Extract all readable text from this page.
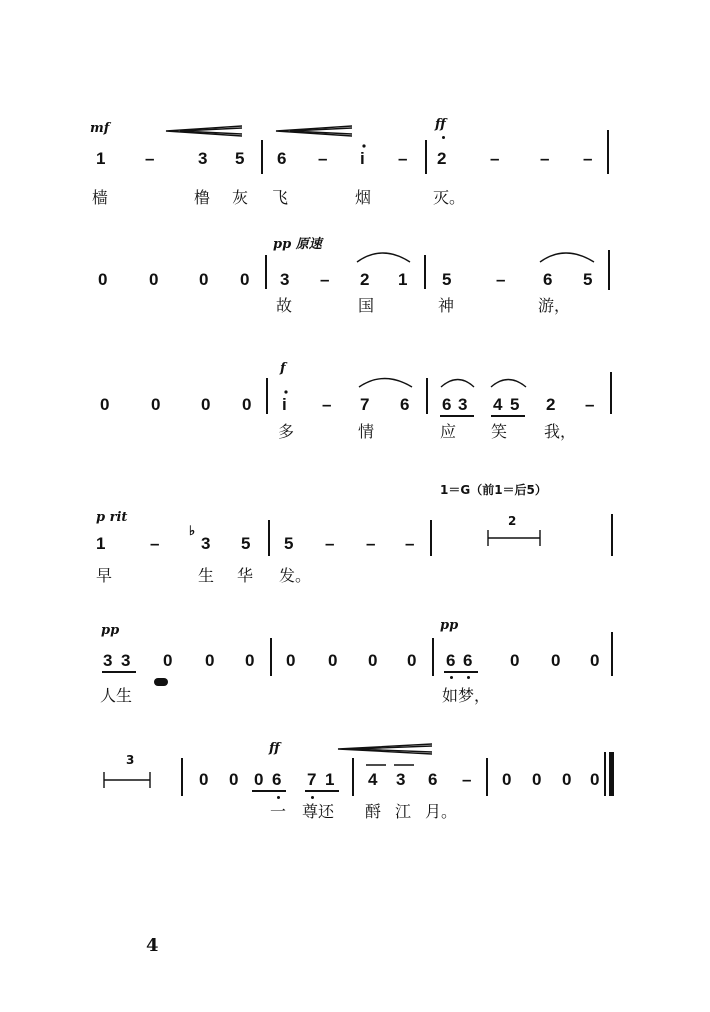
mf	ff
1 –	3 5 6 – i – 2	– – –
樯	橹 灰 飞	烟	灭。
pp 原速
0 0 0 0 3 – 2 1 5	– 6 5
故	国	神	游，
f
0 0 0 0 i – 7 6 6 3 4 5 2 –
多	情	应 笑 我，
1＝G（前1＝后5）
p rit
1	–
♭
3 5 5 – – –
2
早	生 华 发。
pp	pp
3 3 0 0 0 0 0 0 0 6 6 0 0 0
人生	如梦，
3
ff
0 0 0 6 7 1 4 3 6 – 0 0 0 0
一 尊还 酹 江 月。
4
